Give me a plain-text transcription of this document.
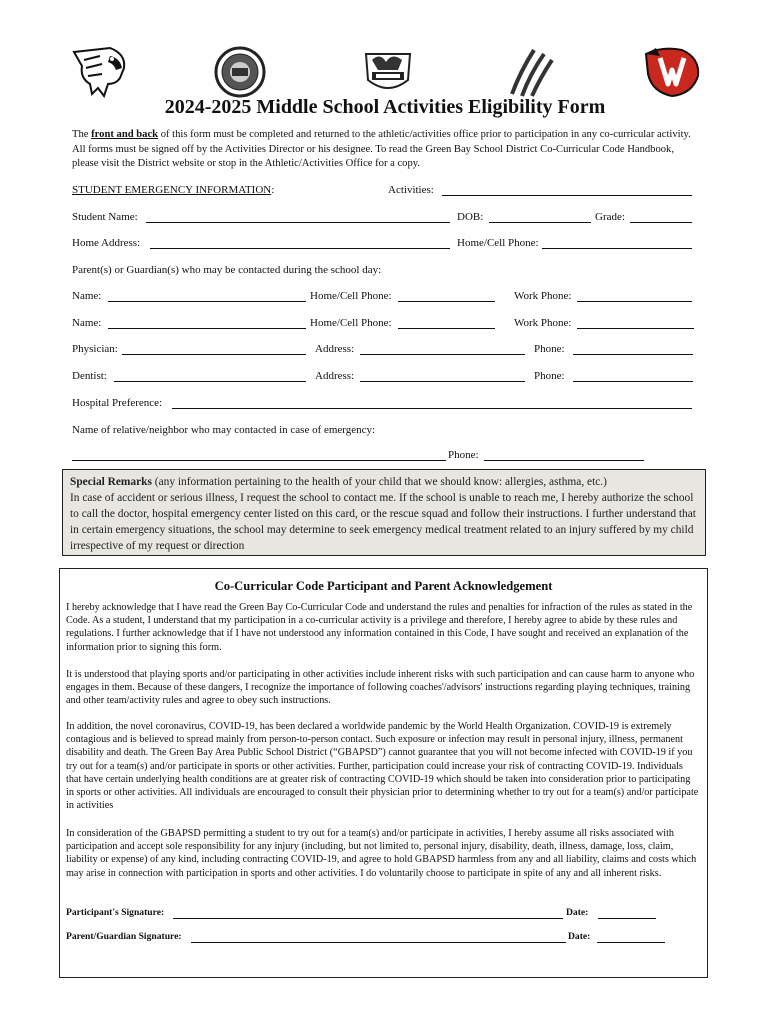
2024-2025 Middle School Activities Eligibility Form
The front and back of this form must be completed and returned to the athletic/activities office prior to participation in any co-curricular activity. All forms must be signed off by the Activities Director or his designee. To read the Green Bay School District Co-Curricular Code Handbook, please visit the District website or stop in the Athletic/Activities Office for a copy.
STUDENT EMERGENCY INFORMATION:	Activities:
Student Name:	DOB:	Grade:
Home Address:	Home/Cell Phone:
Parent(s) or Guardian(s) who may be contacted during the school day:
Name:	Home/Cell Phone:	Work Phone:
Name:	Home/Cell Phone:	Work Phone:
Physician:	Address:	Phone:
Dentist:	Address:	Phone:
Hospital Preference:
Name of relative/neighbor who may contacted in case of emergency:
Phone:
Special Remarks (any information pertaining to the health of your child that we should know: allergies, asthma, etc.)
In case of accident or serious illness, I request the school to contact me. If the school is unable to reach me, I hereby authorize the school to call the doctor, hospital emergency center listed on this card, or the rescue squad and follow their instructions. I further understand that in certain emergency situations, the school may determine to seek emergency medical treatment related to an injury suffered by my child irrespective of my request or direction
Co-Curricular Code Participant and Parent Acknowledgement
I hereby acknowledge that I have read the Green Bay Co-Curricular Code and understand the rules and penalties for infraction of the rules as stated in the Code. As a student, I understand that my participation in a co-curricular activity is a privilege and therefore, I hereby agree to abide by these rules and regulations. I further acknowledge that if I have not understood any information contained in this Code, I have sought and received an explanation of the information prior to signing this form.
It is understood that playing sports and/or participating in other activities include inherent risks with such participation and can cause harm to anyone who engages in them. Because of these dangers, I recognize the importance of following coaches'/advisors' instructions regarding playing techniques, training and other team/activity rules and agree to obey such instructions.
In addition, the novel coronavirus, COVID-19, has been declared a worldwide pandemic by the World Health Organization. COVID-19 is extremely contagious and is believed to spread mainly from person-to-person contact. Such exposure or infection may result in personal injury, illness, permanent disability and death. The Green Bay Area Public School District (“GBAPSD”) cannot guarantee that you will not become infected with COVID-19 if you try out for a team(s) and/or participate in sports or other activities. Further, participation could increase your risk of contracting COVID-19. Individuals that have certain underlying health conditions are at greater risk of contracting COVID-19 which should be taken into consideration prior to participating in sports or other activities. All individuals are encouraged to consult their physician prior to determining whether to try out for a team(s) and/or participate in activities
In consideration of the GBAPSD permitting a student to try out for a team(s) and/or participate in activities, I hereby assume all risks associated with participation and accept sole responsibility for any injury (including, but not limited to, personal injury, disability, death, illness, damage, loss, claim, liability or expense) of any kind, including contracting COVID-19, and agree to hold GBAPSD harmless from any and all liability, claims and costs which may arise in connection with participation in sports and other activities. I do voluntarily choose to participate in spite of any and all inherent risks.
Participant's Signature:	Date:
Parent/Guardian Signature:	Date:
